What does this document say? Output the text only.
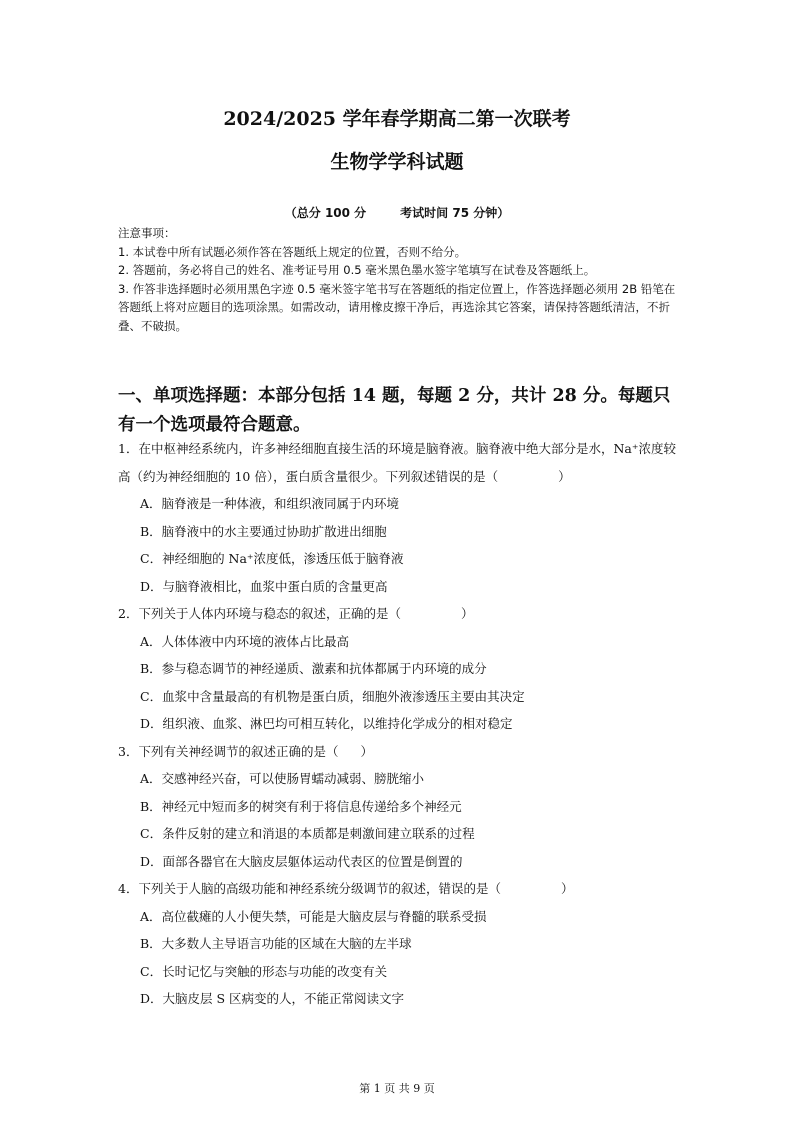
2024/2025 学年春学期高二第一次联考
生物学学科试题
（总分 100 分	考试时间 75 分钟）
注意事项：
1. 本试卷中所有试题必须作答在答题纸上规定的位置，否则不给分。
2. 答题前，务必将自己的姓名、准考证号用 0.5 毫米黑色墨水签字笔填写在试卷及答题纸上。
3. 作答非选择题时必须用黑色字迹 0.5 毫米签字笔书写在答题纸的指定位置上，作答选择题必须用 2B 铅笔在答题纸上将对应题目的选项涂黑。如需改动，请用橡皮擦干净后，再选涂其它答案，请保持答题纸清洁，不折叠、不破损。
一、单项选择题：本部分包括 14 题，每题 2 分，共计 28 分。每题只有一个选项最符合题意。
1．在中枢神经系统内，许多神经细胞直接生活的环境是脑脊液。脑脊液中绝大部分是水，Na⁺浓度较高（约为神经细胞的 10 倍），蛋白质含量很少。下列叙述错误的是（	）
A．脑脊液是一种体液，和组织液同属于内环境
B．脑脊液中的水主要通过协助扩散进出细胞
C．神经细胞的 Na⁺浓度低，渗透压低于脑脊液
D．与脑脊液相比，血浆中蛋白质的含量更高
2．下列关于人体内环境与稳态的叙述，正确的是（	）
A．人体体液中内环境的液体占比最高
B．参与稳态调节的神经递质、激素和抗体都属于内环境的成分
C．血浆中含量最高的有机物是蛋白质，细胞外液渗透压主要由其决定
D．组织液、血浆、淋巴均可相互转化，以维持化学成分的相对稳定
3．下列有关神经调节的叙述正确的是（ ）
A．交感神经兴奋，可以使肠胃蠕动减弱、膀胱缩小
B．神经元中短而多的树突有利于将信息传递给多个神经元
C．条件反射的建立和消退的本质都是刺激间建立联系的过程
D．面部各器官在大脑皮层躯体运动代表区的位置是倒置的
4．下列关于人脑的高级功能和神经系统分级调节的叙述，错误的是（	）
A．高位截瘫的人小便失禁，可能是大脑皮层与脊髓的联系受损
B．大多数人主导语言功能的区域在大脑的左半球
C．长时记忆与突触的形态与功能的改变有关
D．大脑皮层 S 区病变的人，不能正常阅读文字
第 1 页 共 9 页
